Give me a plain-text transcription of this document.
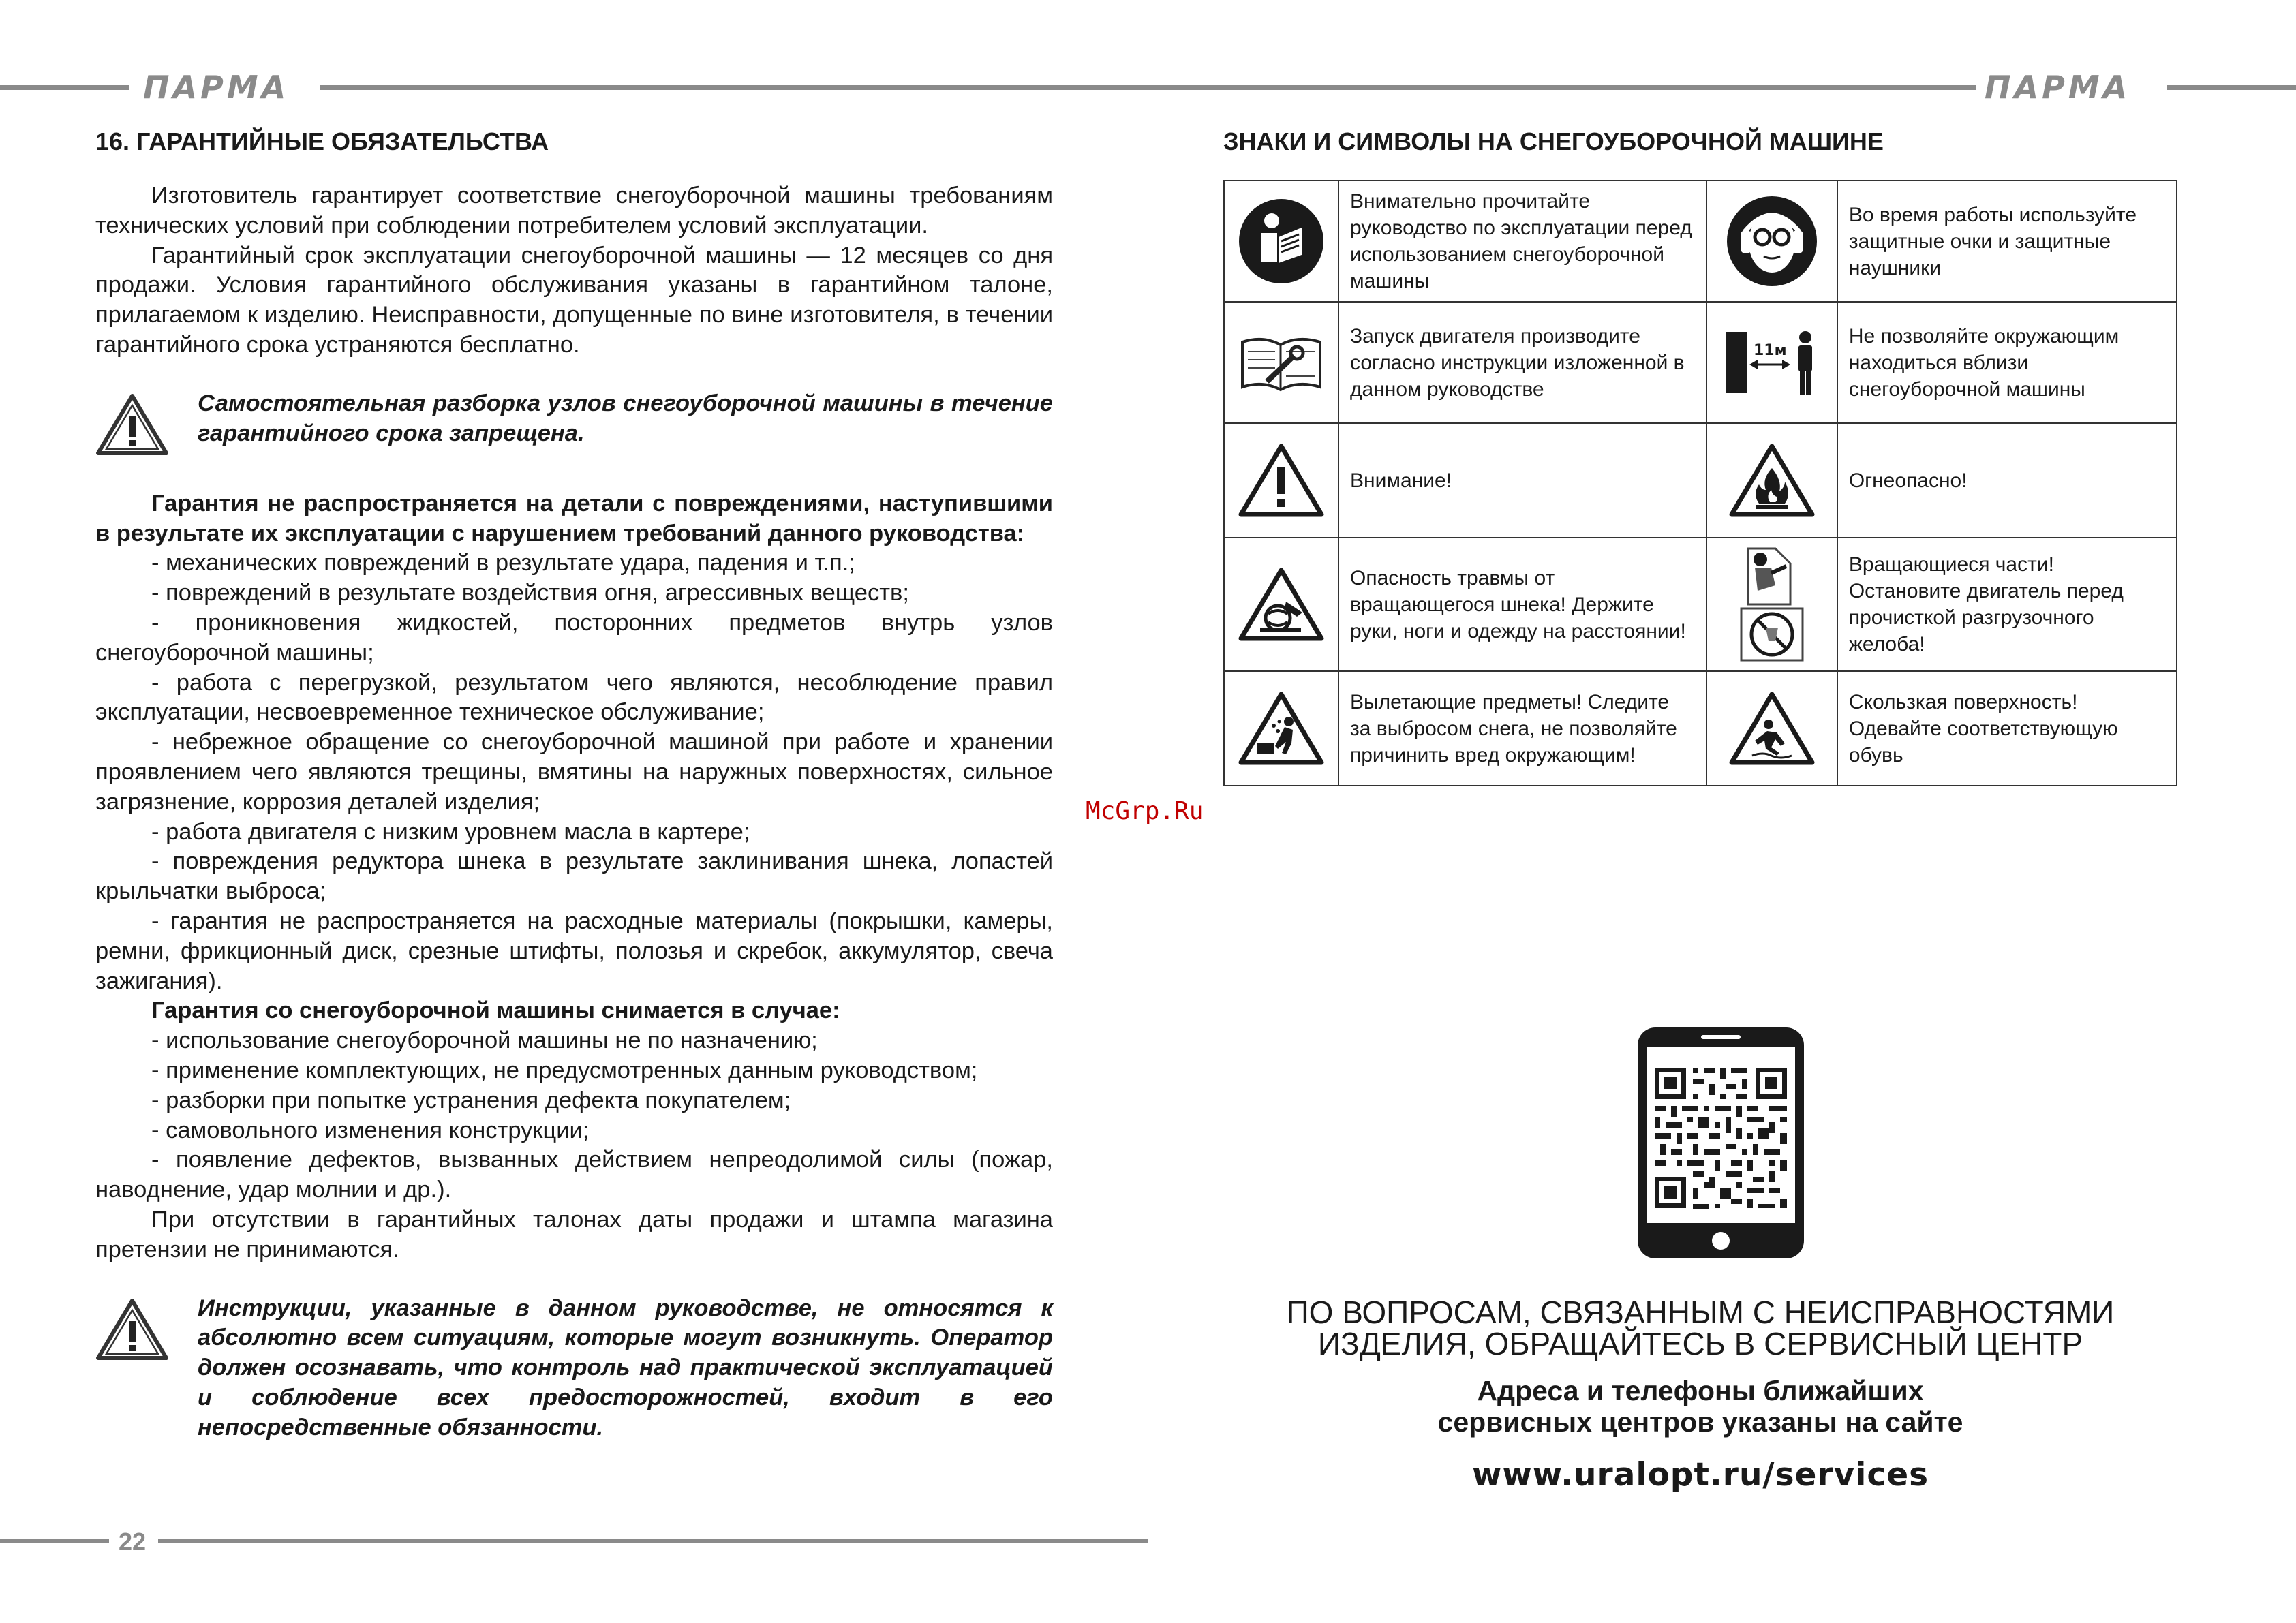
ПАРМА	ПАРМА
16. ГАРАНТИЙНЫЕ ОБЯЗАТЕЛЬСТВА

Изготовитель гарантирует соответствие снегоуборочной машины требованиям технических условий при соблюдении потребителем условий эксплуатации.

Гарантийный срок эксплуатации снегоуборочной машины — 12 месяцев со дня продажи. Условия гарантийного обслуживания указаны в гарантийном талоне, прилагаемом к изделию. Неисправности, допущенные по вине изготовителя, в течении гарантийного срока устраняются бесплатно.

Самостоятельная разборка узлов снегоуборочной машины в течение гарантийного срока запрещена.

Гарантия не распространяется на детали с повреждениями, наступившими в результате их эксплуатации с нарушением требований данного руководства:

- механических повреждений в результате удара, падения и т.п.;

- повреждений в результате воздействия огня, агрессивных веществ;

- проникновения жидкостей, посторонних предметов внутрь узлов снегоуборочной машины;

- работа с перегрузкой, результатом чего являются, несоблюдение правил эксплуатации, несвоевременное техническое обслуживание;

- небрежное обращение со снегоуборочной машиной при работе и хранении проявлением чего являются трещины, вмятины на наружных поверхностях, сильное загрязнение, коррозия деталей изделия;

- работа двигателя с низким уровнем масла в картере;

- повреждения редуктора шнека в результате заклинивания шнека, лопастей крыльчатки выброса;

- гарантия не распространяется на расходные материалы (покрышки, камеры, ремни, фрикционный диск, срезные штифты, полозья и скребок, аккумулятор, свеча зажигания).

Гарантия со снегоуборочной машины снимается в случае:

- использование снегоуборочной машины не по назначению;

- применение комплектующих, не предусмотренных данным руководством;

- разборки при попытке устранения дефекта покупателем;

- самовольного изменения конструкции;

- появление дефектов, вызванных действием непреодолимой силы (пожар, наводнение, удар молнии и др.).

При отсутствии в гарантийных талонах даты продажи и штампа магазина претензии не принимаются.

Инструкции, указанные в данном руководстве, не относятся к абсолютно всем ситуациям, которые могут возникнуть. Оператор должен осознавать, что контроль над практической эксплуатацией и соблюдение всех предосторожностей, входит в его непосредственные обязанности.
22
McGrp.Ru
ЗНАКИ И СИМВОЛЫ НА СНЕГОУБОРОЧНОЙ МАШИНЕ
	Внимательно прочитайте руководство по эксплуатации перед использованием снегоуборочной машины		Во время работы используйте защитные очки и защитные наушники

	Запуск двигателя производите согласно инструкции изложенной в данном руководстве	11м	Не позволяйте окружающим находиться вблизи снегоуборочной машины

	Внимание!		Огнеопасно!

	Опасность травмы от вращающегося шнека! Держите руки, ноги и одежду на расстоянии!		Вращающиеся части! Остановите двигатель перед прочисткой разгрузочного желоба!

	Вылетающие предметы! Следите за выбросом снега, не позволяйте причинить вред окружающим!		Скользкая поверхность! Одевайте соответствующую обувь
ПО ВОПРОСАМ, СВЯЗАННЫМ С НЕИСПРАВНОСТЯМИ
ИЗДЕЛИЯ, ОБРАЩАЙТЕСЬ В СЕРВИСНЫЙ ЦЕНТР
Адреса и телефоны ближайших
сервисных центров указаны на сайте
www.uralopt.ru/services
